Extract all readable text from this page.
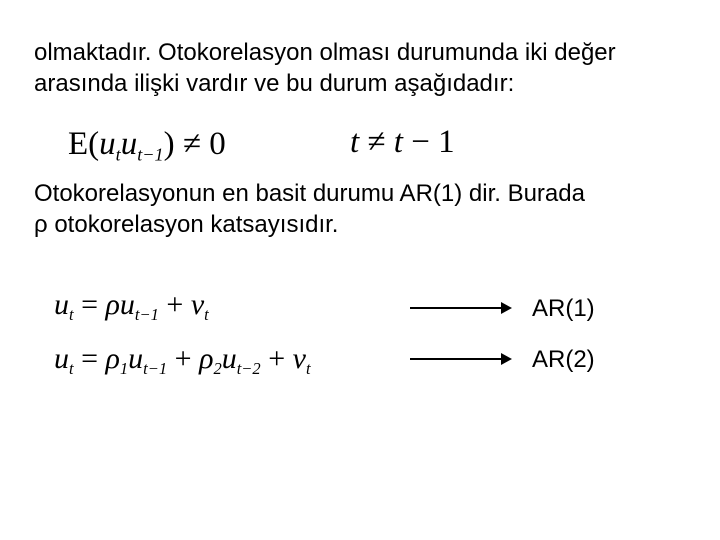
olmaktadır. Otokorelasyon olması durumunda iki değer arasında ilişki vardır ve bu durum aşağıdadır:

$E(u_tu_{t-1}) \ne 0$	t ≠ t − 1

Otokorelasyonun en basit durumu AR(1) dir. Burada
ρ otokorelasyon katsayısıdır.

$u_t = \rho u_{t-1} + v_t$	AR(1)
$u_t = \rho_1u_{t-1} + \rho_2u_{t-2} + v_t$	AR(2)
